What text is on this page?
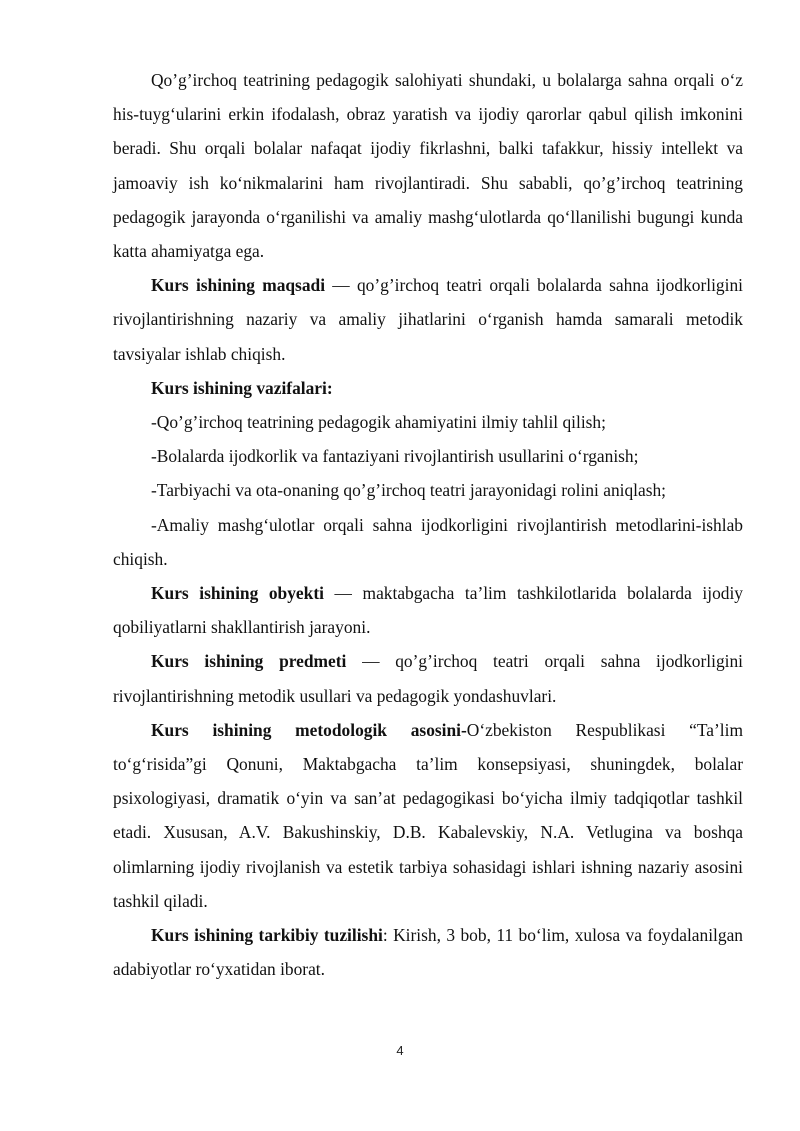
Qo’g’irchoq teatrining pedagogik salohiyati shundaki, u bolalarga sahna orqali o‘z his-tuyg‘ularini erkin ifodalash, obraz yaratish va ijodiy qarorlar qabul qilish imkonini beradi. Shu orqali bolalar nafaqat ijodiy fikrlashni, balki tafakkur, hissiy intellekt va jamoaviy ish ko‘nikmalarini ham rivojlantiradi. Shu sababli, qo’g’irchoq teatrining pedagogik jarayonda o‘rganilishi va amaliy mashg‘ulotlarda qo‘llanilishi bugungi kunda katta ahamiyatga ega.

Kurs ishining maqsadi — qo’g’irchoq teatri orqali bolalarda sahna ijodkorligini rivojlantirishning nazariy va amaliy jihatlarini o‘rganish hamda samarali metodik tavsiyalar ishlab chiqish.

Kurs ishining vazifalari:

-Qo’g’irchoq teatrining pedagogik ahamiyatini ilmiy tahlil qilish;

-Bolalarda ijodkorlik va fantaziyani rivojlantirish usullarini o‘rganish;

-Tarbiyachi va ota-onaning qo’g’irchoq teatri jarayonidagi rolini aniqlash;

-Amaliy mashg‘ulotlar orqali sahna ijodkorligini rivojlantirish metodlarini-ishlab chiqish.

Kurs ishining obyekti — maktabgacha ta’lim tashkilotlarida bolalarda ijodiy qobiliyatlarni shakllantirish jarayoni.

Kurs ishining predmeti — qo’g’irchoq teatri orqali sahna ijodkorligini rivojlantirishning metodik usullari va pedagogik yondashuvlari.

Kurs ishining metodologik asosini-O‘zbekiston Respublikasi “Ta’lim to‘g‘risida”gi Qonuni, Maktabgacha ta’lim konsepsiyasi, shuningdek, bolalar psixologiyasi, dramatik o‘yin va san’at pedagogikasi bo‘yicha ilmiy tadqiqotlar tashkil etadi. Xususan, A.V. Bakushinskiy, D.B. Kabalevskiy, N.A. Vetlugina va boshqa olimlarning ijodiy rivojlanish va estetik tarbiya sohasidagi ishlari ishning nazariy asosini tashkil qiladi.

Kurs ishining tarkibiy tuzilishi: Kirish, 3 bob, 11 bo‘lim, xulosa va foydalanilgan adabiyotlar ro‘yxatidan iborat.

4
